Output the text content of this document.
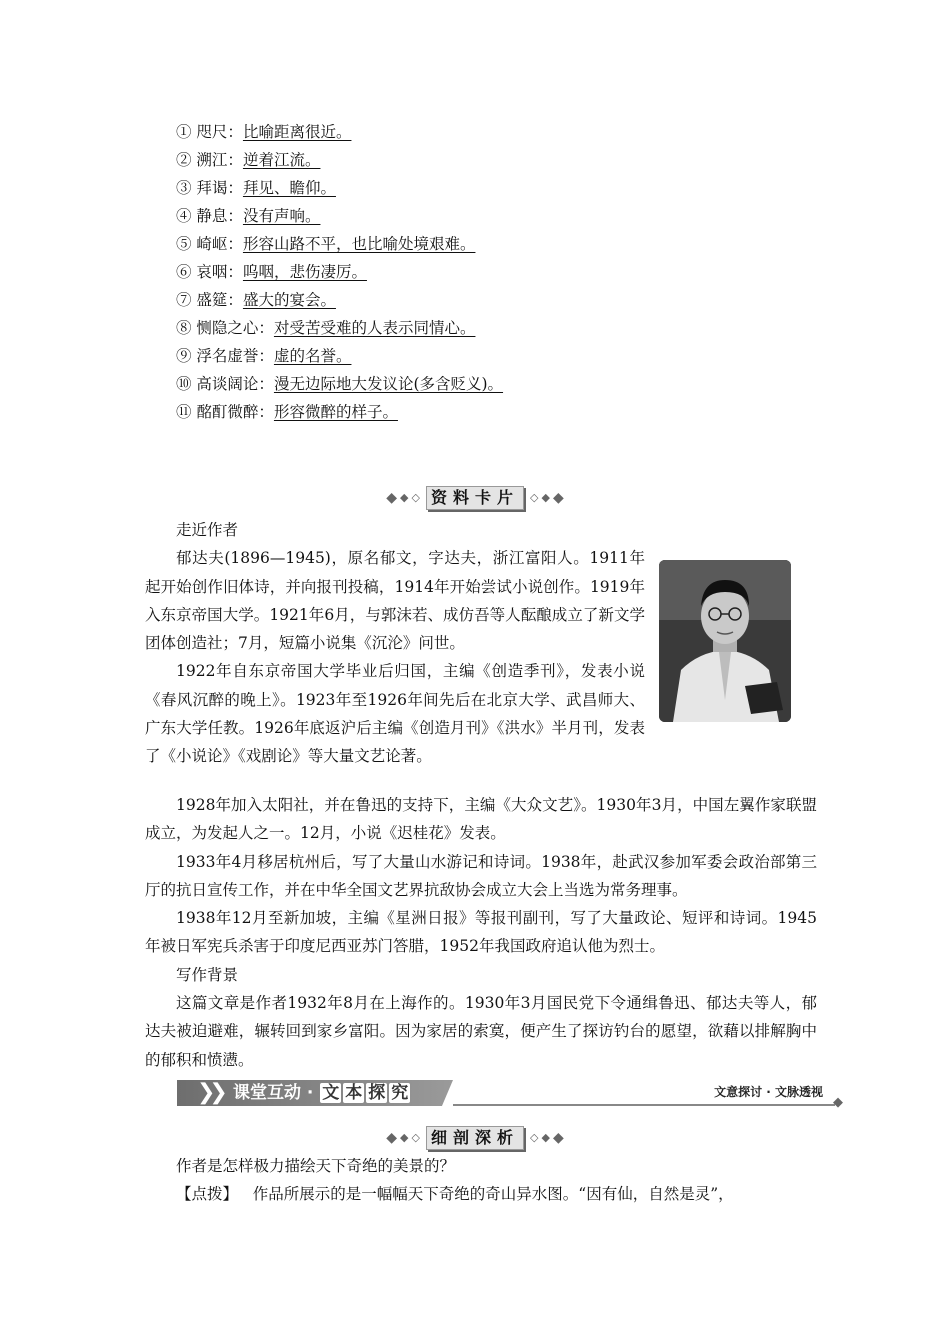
① 咫尺：比喻距离很近。
② 溯江：逆着江流。
③ 拜谒：拜见、瞻仰。
④ 静息：没有声响。
⑤ 崎岖：形容山路不平，也比喻处境艰难。
⑥ 哀咽：呜咽，悲伤凄厉。
⑦ 盛筵：盛大的宴会。
⑧ 恻隐之心：对受苦受难的人表示同情心。
⑨ 浮名虚誉：虚的名誉。
⑩ 高谈阔论：漫无边际地大发议论(多含贬义)。
⑪ 酩酊微醉：形容微醉的样子。
◆ ◆ ◇ 资料卡片	◇ ◆ ◆

走近作者

郁达夫(1896—1945)，原名郁文，字达夫，浙江富阳人。1911年起开始创作旧体诗，并向报刊投稿，1914年开始尝试小说创作。1919年入东京帝国大学。1921年6月，与郭沫若、成仿吾等人酝酿成立了新文学团体创造社；7月，短篇小说集《沉沦》问世。

1922年自东京帝国大学毕业后归国，主编《创造季刊》，发表小说《春风沉醉的晚上》。1923年至1926年间先后在北京大学、武昌师大、广东大学任教。1926年底返沪后主编《创造月刊》《洪水》半月刊，发表了《小说论》《戏剧论》等大量文艺论著。

1928年加入太阳社，并在鲁迅的支持下，主编《大众文艺》。1930年3月，中国左翼作家联盟成立，为发起人之一。12月，小说《迟桂花》发表。

1933年4月移居杭州后，写了大量山水游记和诗词。1938年，赴武汉参加军委会政治部第三厅的抗日宣传工作，并在中华全国文艺界抗敌协会成立大会上当选为常务理事。

1938年12月至新加坡，主编《星洲日报》等报刊副刊，写了大量政论、短评和诗词。1945年被日军宪兵杀害于印度尼西亚苏门答腊，1952年我国政府追认他为烈士。

写作背景

这篇文章是作者1932年8月在上海作的。1930年3月国民党下令通缉鲁迅、郁达夫等人，郁达夫被迫避难，辗转回到家乡富阳。因为家居的索寞，便产生了探访钓台的愿望，欲藉以排解胸中的郁积和愤懑。

❯❯ 课堂互动 · 文 本 探 究	文意探讨 · 文脉透视
◆
◆ ◆ ◇ 细剖深析	◇ ◆ ◆

作者是怎样极力描绘天下奇绝的美景的？

【点拨】 作品所展示的是一幅幅天下奇绝的奇山异水图。“因有仙，自然是灵”，
